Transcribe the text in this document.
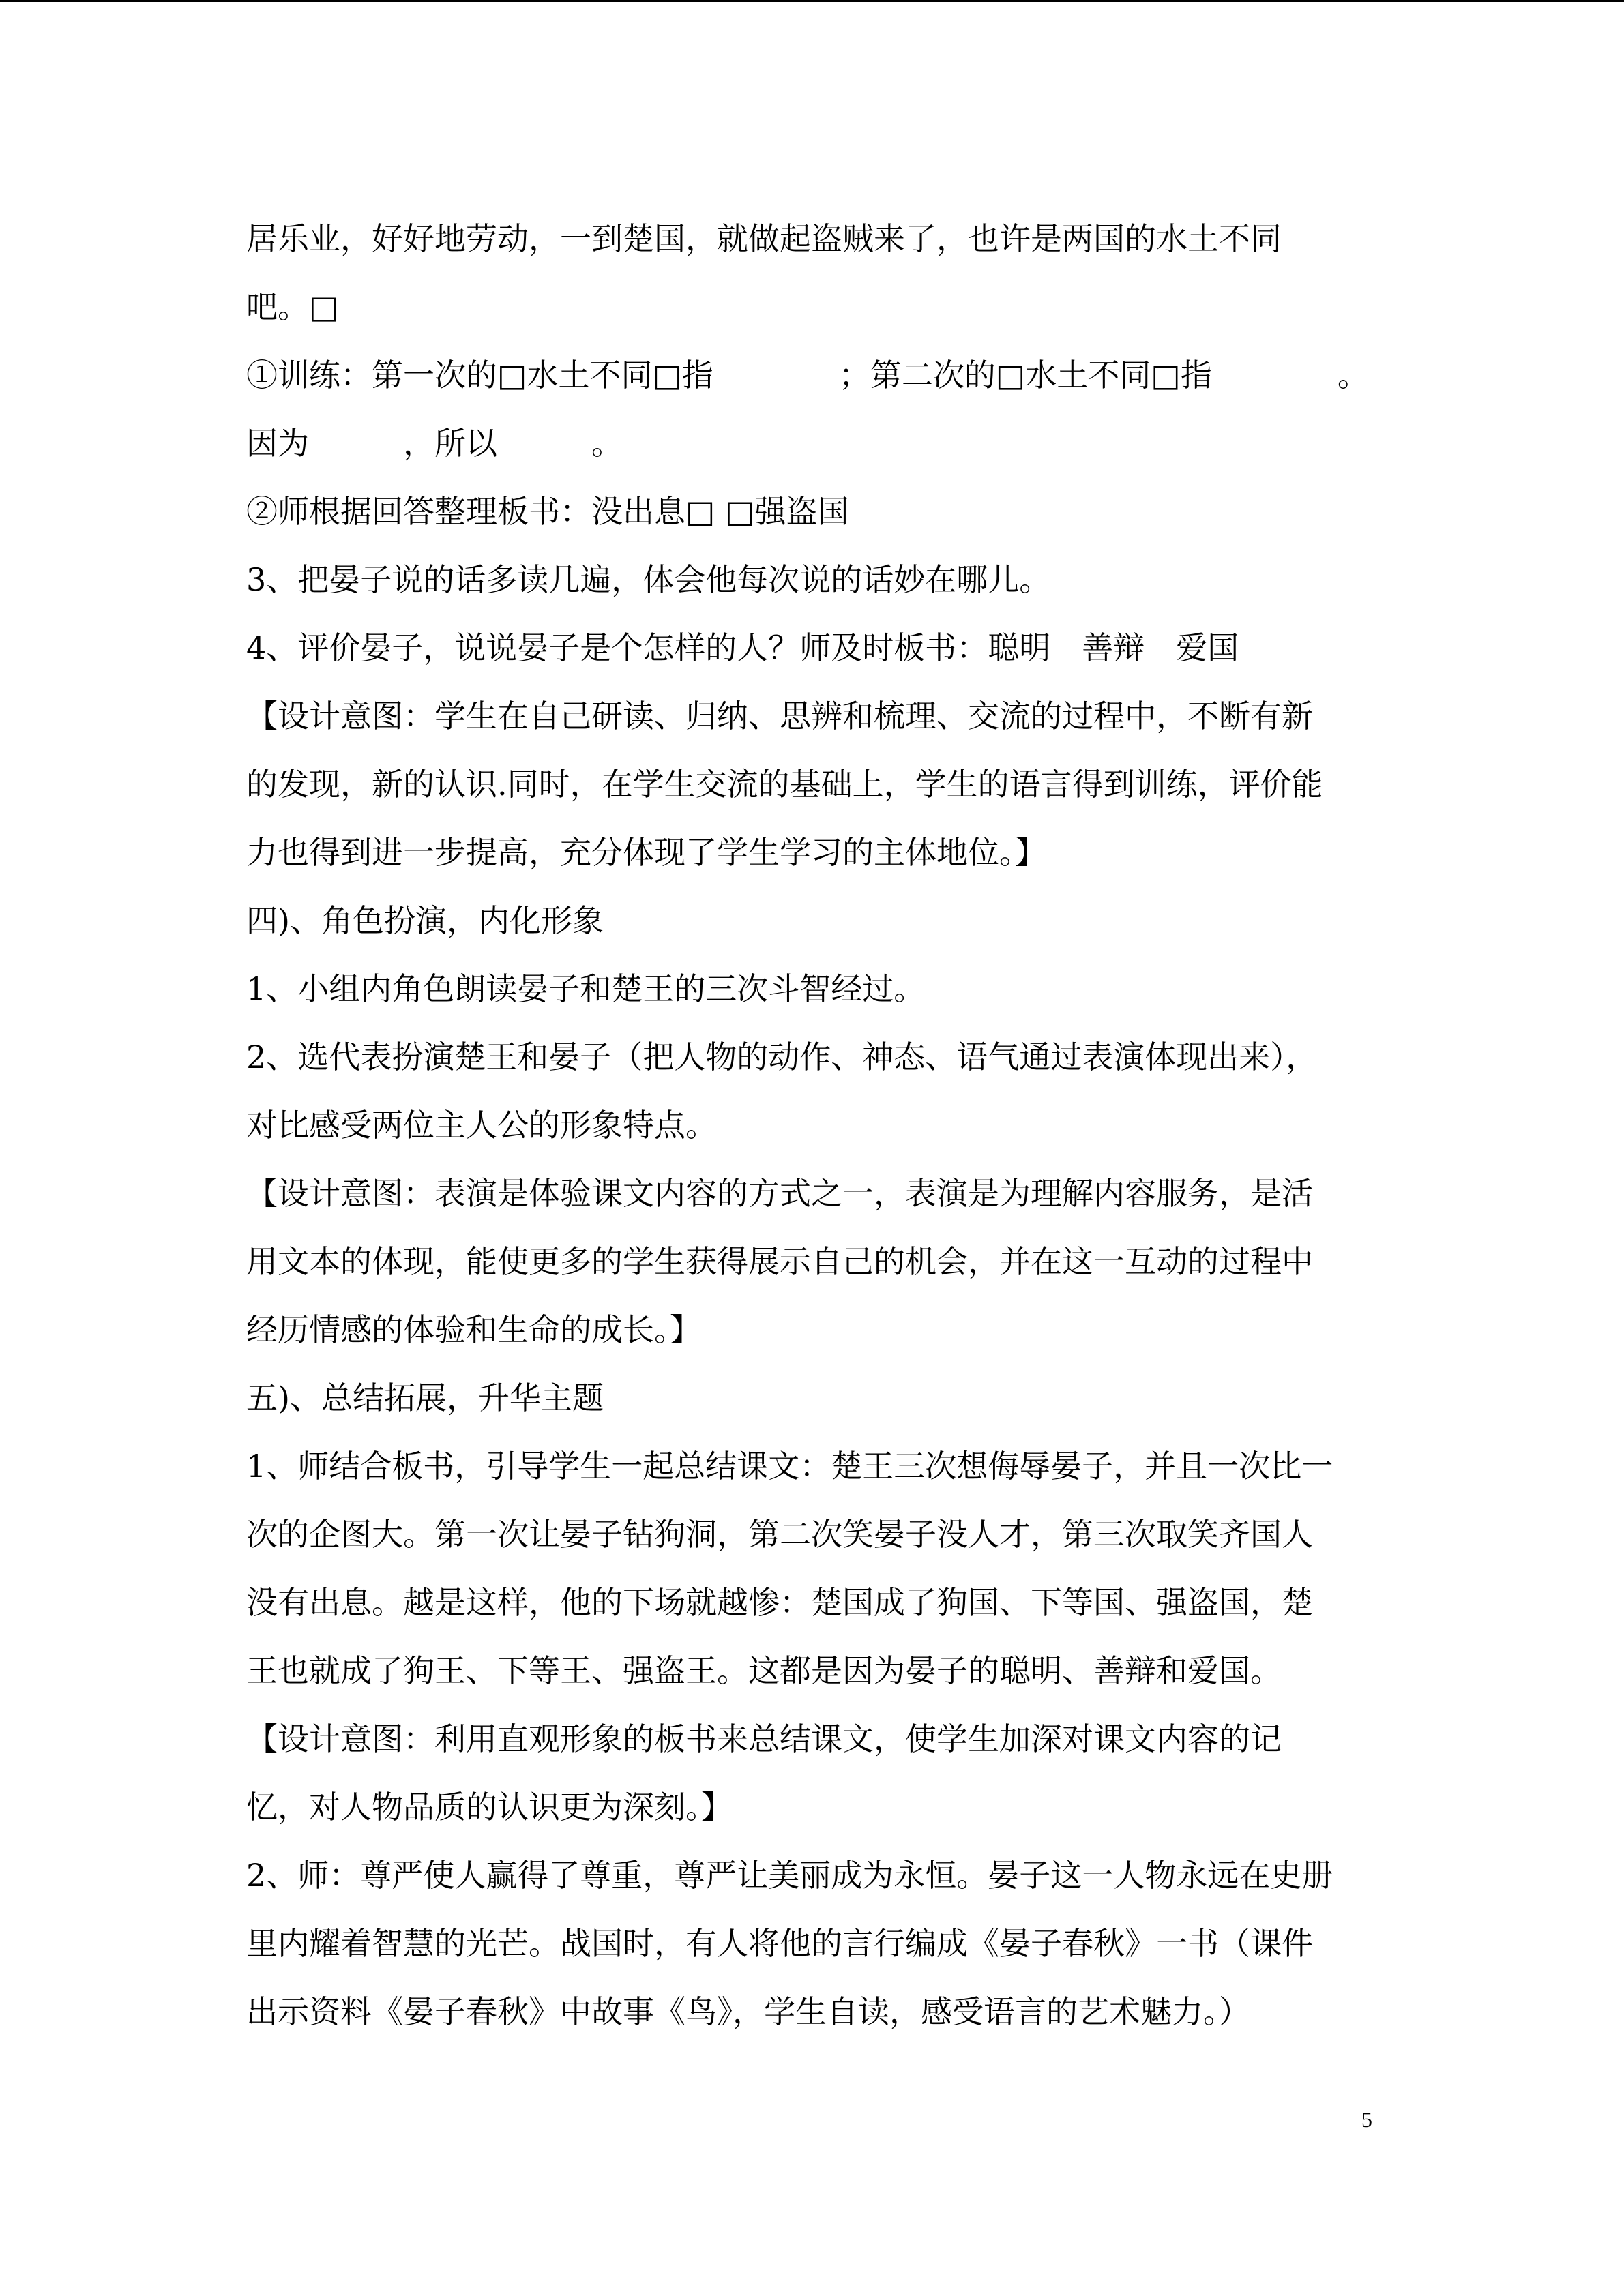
居乐业，好好地劳动，一到楚国，就做起盗贼来了，也许是两国的水土不同
吧。□
①训练：第一次的□水土不同□指　　　　；第二次的□水土不同□指　　　　。
因为　　　，所以　　　。
②师根据回答整理板书：没出息□ □强盗国
3、把晏子说的话多读几遍，体会他每次说的话妙在哪儿。
4、评价晏子，说说晏子是个怎样的人？师及时板书：聪明　善辩　爱国
【设计意图：学生在自己研读、归纳、思辨和梳理、交流的过程中，不断有新
的发现，新的认识.同时，在学生交流的基础上，学生的语言得到训练，评价能
力也得到进一步提高，充分体现了学生学习的主体地位。】
四)、角色扮演，内化形象
1、小组内角色朗读晏子和楚王的三次斗智经过。
2、选代表扮演楚王和晏子（把人物的动作、神态、语气通过表演体现出来），
对比感受两位主人公的形象特点。
【设计意图：表演是体验课文内容的方式之一，表演是为理解内容服务，是活
用文本的体现，能使更多的学生获得展示自己的机会，并在这一互动的过程中
经历情感的体验和生命的成长。】
五)、总结拓展，升华主题
1、师结合板书，引导学生一起总结课文：楚王三次想侮辱晏子，并且一次比一
次的企图大。第一次让晏子钻狗洞，第二次笑晏子没人才，第三次取笑齐国人
没有出息。越是这样，他的下场就越惨：楚国成了狗国、下等国、强盗国，楚
王也就成了狗王、下等王、强盗王。这都是因为晏子的聪明、善辩和爱国。
【设计意图：利用直观形象的板书来总结课文，使学生加深对课文内容的记
忆，对人物品质的认识更为深刻。】
2、师：尊严使人赢得了尊重，尊严让美丽成为永恒。晏子这一人物永远在史册
里内耀着智慧的光芒。战国时，有人将他的言行编成《晏子春秋》一书（课件
出示资料《晏子春秋》中故事《鸟》，学生自读，感受语言的艺术魅力。）
5
